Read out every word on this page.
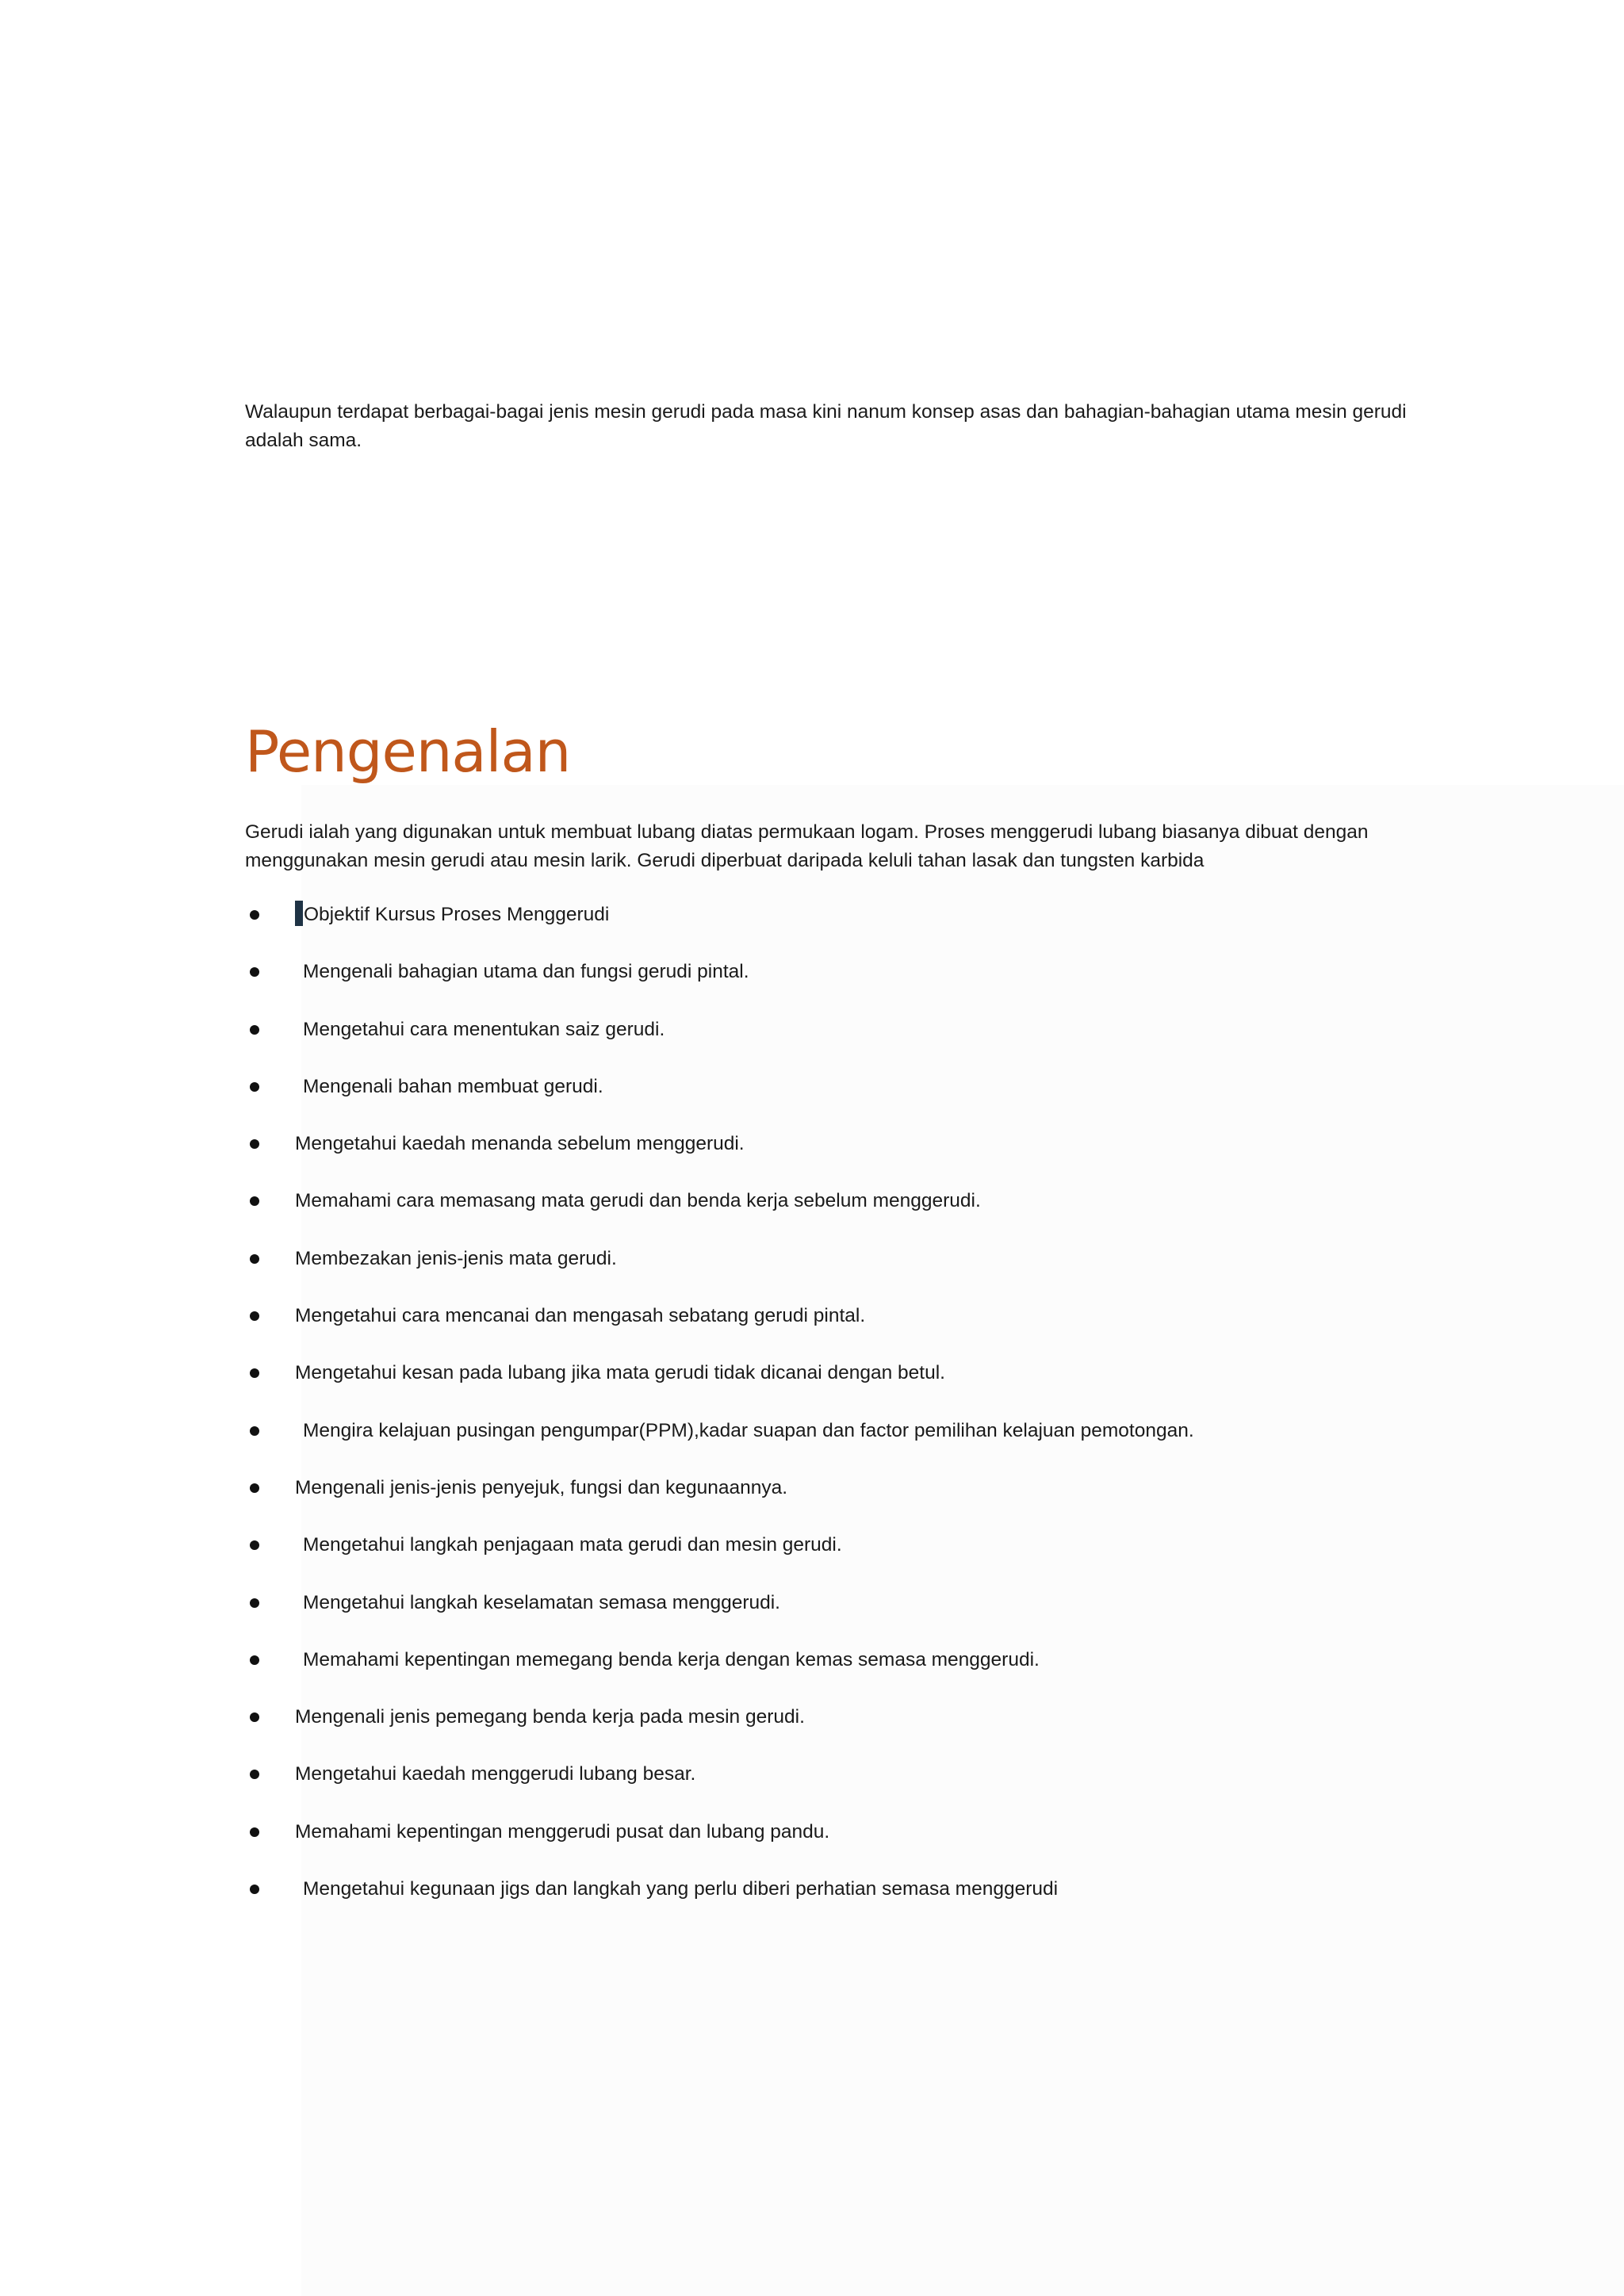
Walaupun terdapat berbagai-bagai jenis mesin gerudi pada masa kini nanum konsep asas dan bahagian-bahagian utama mesin gerudi adalah sama.

Pengenalan

Gerudi ialah yang digunakan untuk membuat lubang diatas permukaan logam. Proses menggerudi lubang biasanya dibuat dengan menggunakan mesin gerudi atau mesin larik. Gerudi diperbuat daripada keluli tahan lasak dan tungsten karbida

Objektif Kursus Proses Menggerudi
Mengenali bahagian utama dan fungsi gerudi pintal.
Mengetahui cara menentukan saiz gerudi.
Mengenali bahan membuat gerudi.
Mengetahui kaedah menanda sebelum menggerudi.
Memahami cara memasang mata gerudi dan benda kerja sebelum menggerudi.
Membezakan jenis-jenis mata gerudi.
Mengetahui cara mencanai dan mengasah sebatang gerudi pintal.
Mengetahui kesan pada lubang jika mata gerudi tidak dicanai dengan betul.
Mengira kelajuan pusingan pengumpar(PPM),kadar suapan dan factor pemilihan kelajuan pemotongan.
Mengenali jenis-jenis penyejuk, fungsi dan kegunaannya.
Mengetahui langkah penjagaan mata gerudi dan mesin gerudi.
Mengetahui langkah keselamatan semasa menggerudi.
Memahami kepentingan memegang benda kerja dengan kemas semasa menggerudi.
Mengenali jenis pemegang benda kerja pada mesin gerudi.
Mengetahui kaedah menggerudi lubang besar.
Memahami kepentingan menggerudi pusat dan lubang pandu.
Mengetahui kegunaan jigs dan langkah yang perlu diberi perhatian semasa menggerudi
